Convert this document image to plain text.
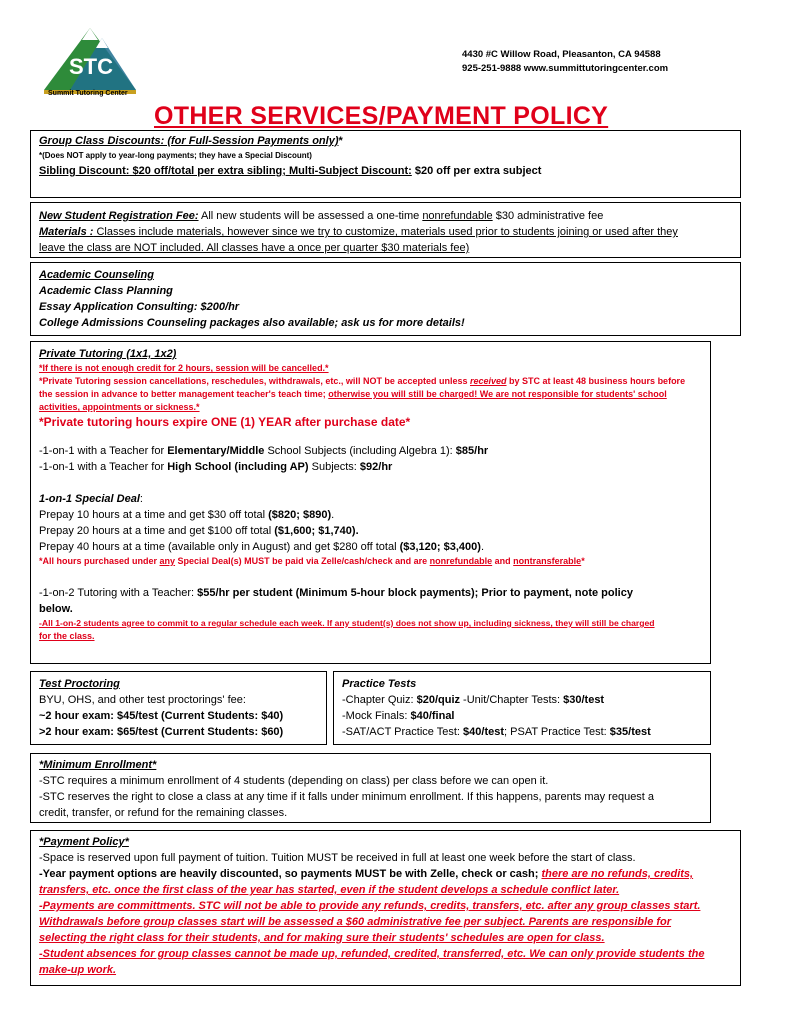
STC
Summit Tutoring Center
4430 #C Willow Road, Pleasanton, CA 94588
925-251-9888 www.summittutoringcenter.com
OTHER SERVICES/PAYMENT POLICY
Group Class Discounts: (for Full-Session Payments only)*
*(Does NOT apply to year-long payments; they have a Special Discount)
Sibling Discount: $20 off/total per extra sibling; Multi-Subject Discount: $20 off per extra subject
New Student Registration Fee: All new students will be assessed a one-time nonrefundable $30 administrative fee
Materials : Classes include materials, however since we try to customize, materials used prior to students joining or used after they
leave the class are NOT included. All classes have a once per quarter $30 materials fee)
Academic Counseling
Academic Class Planning
Essay Application Consulting: $200/hr
College Admissions Counseling packages also available; ask us for more details!
Private Tutoring (1x1, 1x2)
*If there is not enough credit for 2 hours, session will be cancelled.*
*Private Tutoring session cancellations, reschedules, withdrawals, etc., will NOT be accepted unless received by STC at least 48 business hours before
the session in advance to better management teacher's teach time; otherwise you will still be charged! We are not responsible for students' school
activities, appointments or sickness.*
*Private tutoring hours expire ONE (1) YEAR after purchase date*
-1-on-1 with a Teacher for Elementary/Middle School Subjects (including Algebra 1): $85/hr
-1-on-1 with a Teacher for High School (including AP) Subjects: $92/hr
1-on-1 Special Deal:
Prepay 10 hours at a time and get $30 off total ($820; $890).
Prepay 20 hours at a time and get $100 off total ($1,600; $1,740).
Prepay 40 hours at a time (available only in August) and get $280 off total ($3,120; $3,400).
*All hours purchased under any Special Deal(s) MUST be paid via Zelle/cash/check and are nonrefundable and nontransferable*
-1-on-2 Tutoring with a Teacher: $55/hr per student (Minimum 5-hour block payments); Prior to payment, note policy
below.
-All 1-on-2 students agree to commit to a regular schedule each week. If any student(s) does not show up, including sickness, they will still be charged
for the class.
Test Proctoring
BYU, OHS, and other test proctorings' fee:
~2 hour exam: $45/test (Current Students: $40)
>2 hour exam: $65/test (Current Students: $60)
Practice Tests
-Chapter Quiz: $20/quiz -Unit/Chapter Tests: $30/test
-Mock Finals: $40/final
-SAT/ACT Practice Test: $40/test; PSAT Practice Test: $35/test
*Minimum Enrollment*
-STC requires a minimum enrollment of 4 students (depending on class) per class before we can open it.
-STC reserves the right to close a class at any time if it falls under minimum enrollment. If this happens, parents may request a
credit, transfer, or refund for the remaining classes.
*Payment Policy*
-Space is reserved upon full payment of tuition. Tuition MUST be received in full at least one week before the start of class.
-Year payment options are heavily discounted, so payments MUST be with Zelle, check or cash; there are no refunds, credits,
transfers, etc. once the first class of the year has started, even if the student develops a schedule conflict later.
-Payments are committments. STC will not be able to provide any refunds, credits, transfers, etc. after any group classes start.
Withdrawals before group classes start will be assessed a $60 administrative fee per subject. Parents are responsible for
selecting the right class for their students, and for making sure their students' schedules are open for class.
-Student absences for group classes cannot be made up, refunded, credited, transferred, etc. We can only provide students the
make-up work.
